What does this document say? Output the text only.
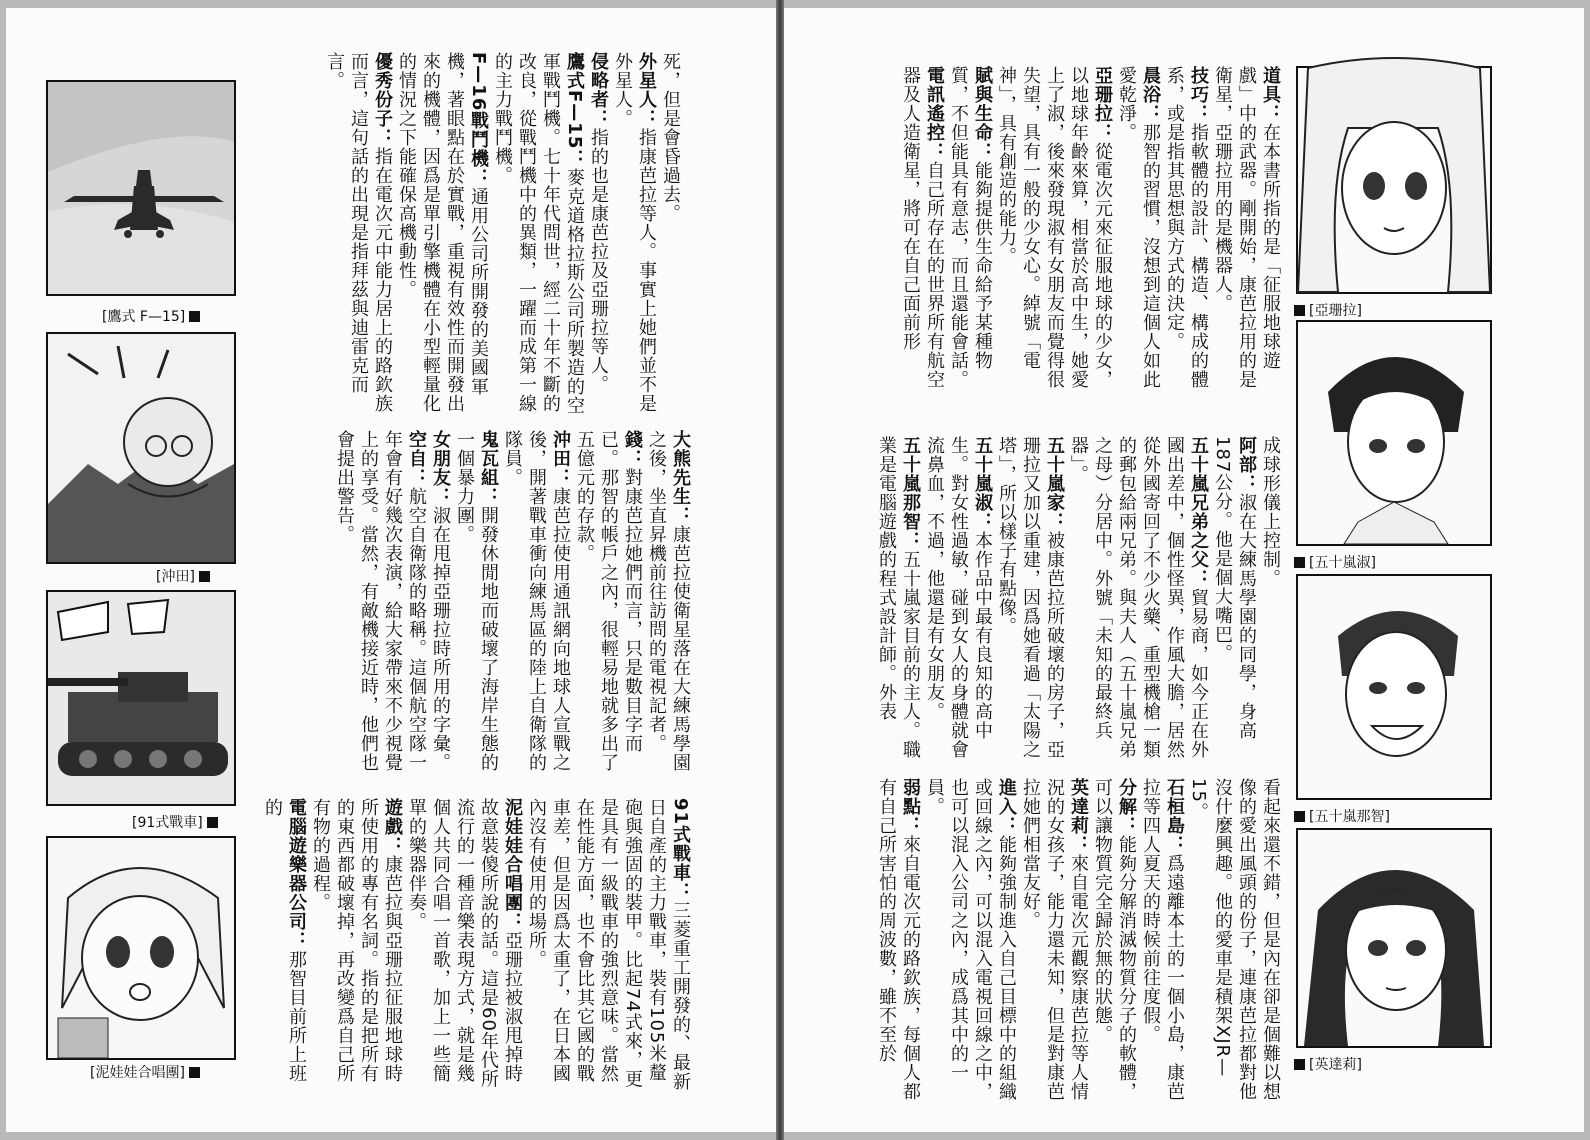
[鷹式 F—15]
[沖田]
[91式戰車]
[泥娃娃合唱團]
死，但是會昏過去。
外星人 ：指康芭拉等人。事實上她們並不是外星人。
侵略者 ：指的也是康芭拉及亞珊拉等人。
鷹式F—15 ：麥克道格拉斯公司所製造的空軍戰鬥機。七十年代問世，經二十年不斷的改良，從戰鬥機中的異類，一躍而成第一線的主力戰鬥機。
F—16戰鬥機 ：通用公司所開發的美國軍機，著眼點在於實戰，重視有效性而開發出來的機體，因爲是單引擎機體在小型輕量化的情況之下能確保高機動性。
優秀份子 ：指在電次元中能力居上的路欽族而言，這句話的出現是指拜茲與迪雷克而言。
大熊先生 ：康芭拉使衛星落在大練馬學園之後，坐直昇機前往訪問的電視記者。
錢 ：對康芭拉她們而言，只是數目字而已。那智的帳戶之內，很輕易地就多出了五億元的存款。
沖田 ：康芭拉使用通訊網向地球人宣戰之後，開著戰車衝向練馬區的陸上自衛隊的隊員。
鬼瓦組 ：開發休閒地而破壞了海岸生態的一個暴力團。
女朋友 ：淑在甩掉亞珊拉時所用的字彙。
空自 ：航空自衛隊的略稱。這個航空隊一年會有好幾次表演，給大家帶來不少視覺上的享受。當然，有敵機接近時，他們也會提出警告。
91式戰車 ：三菱重工開發的、最新日自產的主力戰車，裝有105米釐砲與強固的裝甲。比起74式來，更是具有一級戰車的強烈意味。當然在性能方面，也不會比其它國的戰車差，但是因爲太重了，在日本國內沒有使用的場所。
泥娃娃合唱團 ：亞珊拉被淑甩掉時故意裝傻所說的話。這是60年代所流行的一種音樂表現方式，就是幾個人共同合唱一首歌，加上一些簡單的樂器伴奏。
遊戲 ：康芭拉與亞珊拉征服地球時所使用的專有名詞。指的是把所有的東西都破壞掉，再改變爲自己所有物的過程。
電腦遊樂器公司 ：那智目前所上班的
道具 ：在本書所指的是「征服地球遊戲」中的武器。剛開始，康芭拉用的是衛星，亞珊拉用的是機器人。
技巧 ：指軟體的設計、構造、構成的體系，或是指其思想與方式的決定。
晨浴 ：那智的習慣，沒想到這個人如此愛乾淨。
亞珊拉 ：從電次元來征服地球的少女，以地球年齡來算，相當於高中生，她愛上了淑，後來發現淑有女朋友而覺得很失望，具有一般的少女心。綽號「電神」，具有創造的能力。
賦與生命 ：能夠提供生命給予某種物質，不但能具有意志，而且還能會話。
電訊遙控 ：自己所存在的世界所有航空器及人造衛星，將可在自己面前形
成球形儀上控制。
阿部 ：淑在大練馬學園的同學，身高187公分。他是個大嘴巴。
五十嵐兄弟之父 ：貿易商，如今正在外國出差中，個性怪異，作風大膽，居然從外國寄回了不少火藥、重型機槍一類的郵包給兩兄弟。與夫人（五十嵐兄弟之母）分居中。外號「未知的最終兵器」。
五十嵐家 ：被康芭拉所破壞的房子，亞珊拉又加以重建，因爲她看過「太陽之塔」，所以樣子有點像。
五十嵐淑 ：本作品中最有良知的高中生。對女性過敏，碰到女人的身體就會流鼻血，不過，他還是有女朋友。
五十嵐那智 ：五十嵐家目前的主人。職業是電腦遊戲的程式設計師。外表
看起來還不錯，但是內在卻是個難以想像的愛出風頭的份子，連康芭拉都對他沒什麼興趣。他的愛車是積架XJR—15。
石桓島 ：爲遠離本土的一個小島，康芭拉等四人夏天的時候前往度假。
分解 ：能夠分解消滅物質分子的軟體，可以讓物質完全歸於無的狀態。
英達莉 ：來自電次元觀察康芭拉等人情況的女孩子，能力還未知，但是對康芭拉她們相當友好。
進入 ：能夠強制進入自己目標中的組織或回線之內，可以混入電視回線之中，也可以混入公司之內，成爲其中的一員。
弱點 ：來自電次元的路欽族，每個人都有自己所害怕的周波數，雖不至於
[亞珊拉]
[五十嵐淑]
[五十嵐那智]
[英達莉]
